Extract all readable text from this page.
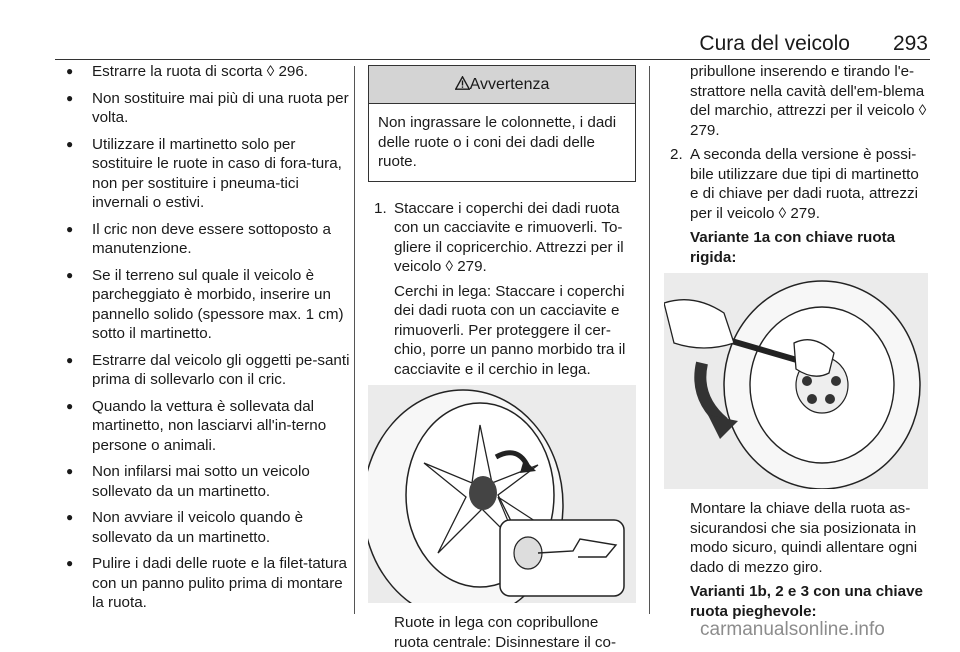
Cura del veicolo 293

● Estrarre la ruota di scorta ◊ 296.

● Non sostituire mai più di una ruota per volta.

● Utilizzare il martinetto solo per sostituire le ruote in caso di fora-tura, non per sostituire i pneuma-tici invernali o estivi.

● Il cric non deve essere sottoposto a manutenzione.

● Se il terreno sul quale il veicolo è parcheggiato è morbido, inserire un pannello solido (spessore max. 1 cm) sotto il martinetto.

● Estrarre dal veicolo gli oggetti pe-santi prima di sollevarlo con il cric.

● Quando la vettura è sollevata dal martinetto, non lasciarvi all'in-terno persone o animali.

● Non infilarsi mai sotto un veicolo sollevato da un martinetto.

● Non avviare il veicolo quando è sollevato da un martinetto.

● Pulire i dadi delle ruote e la filet-tatura con un panno pulito prima di montare la ruota.

Avvertenza
Non ingrassare le colonnette, i dadi delle ruote o i coni dei dadi delle ruote.

1. Staccare i coperchi dei dadi ruota con un cacciavite e rimuoverli. To-gliere il copricerchio. Attrezzi per il veicolo ◊ 279.

Cerchi in lega: Staccare i coperchi dei dadi ruota con un cacciavite e rimuoverli. Per proteggere il cer-chio, porre un panno morbido tra il cacciavite e il cerchio in lega.

Ruote in lega con copribullone ruota centrale: Disinnestare il co-

pribullone inserendo e tirando l'e-strattore nella cavità dell'em-blema del marchio, attrezzi per il veicolo ◊ 279.

2. A seconda della versione è possi-bile utilizzare due tipi di martinetto e di chiave per dadi ruota, attrezzi per il veicolo ◊ 279.

Variante 1a con chiave ruota rigida:

Montare la chiave della ruota as-sicurandosi che sia posizionata in modo sicuro, quindi allentare ogni dado di mezzo giro.

Varianti 1b, 2 e 3 con una chiave ruota pieghevole:

carmanualsonline.info
